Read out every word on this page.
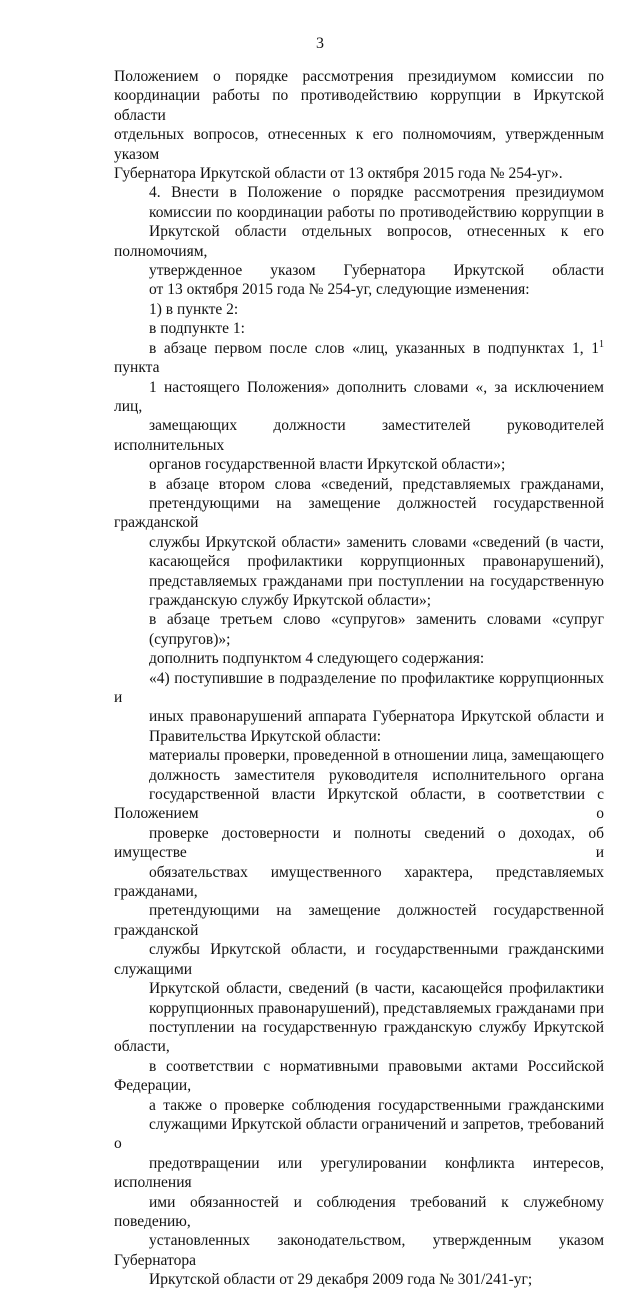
3

Положением о порядке рассмотрения президиумом комиссии по
координации работы по противодействию коррупции в Иркутской области
отдельных вопросов, отнесенных к его полномочиям, утвержденным указом
Губернатора Иркутской области от 13 октября 2015 года № 254-уг».

4. Внести в Положение о порядке рассмотрения президиумом
комиссии по координации работы по противодействию коррупции в
Иркутской области отдельных вопросов, отнесенных к его полномочиям,
утвержденное указом Губернатора Иркутской области
от 13 октября 2015 года № 254-уг, следующие изменения:

1) в пункте 2:

в подпункте 1:

в абзаце первом после слов «лиц, указанных в подпунктах 1, $1^1$ пункта
1 настоящего Положения» дополнить словами «, за исключением лиц,
замещающих должности заместителей руководителей исполнительных
органов государственной власти Иркутской области»;

в абзаце втором слова «сведений, представляемых гражданами,
претендующими на замещение должностей государственной гражданской
службы Иркутской области» заменить словами «сведений (в части,
касающейся профилактики коррупционных правонарушений),
представляемых гражданами при поступлении на государственную
гражданскую службу Иркутской области»;

в абзаце третьем слово «супругов» заменить словами «супруг
(супругов)»;

дополнить подпунктом 4 следующего содержания:

«4) поступившие в подразделение по профилактике коррупционных и
иных правонарушений аппарата Губернатора Иркутской области и
Правительства Иркутской области:

материалы проверки, проведенной в отношении лица, замещающего
должность заместителя руководителя исполнительного органа
государственной власти Иркутской области, в соответствии с Положением о
проверке достоверности и полноты сведений о доходах, об имуществе и
обязательствах имущественного характера, представляемых гражданами,
претендующими на замещение должностей государственной гражданской
службы Иркутской области, и государственными гражданскими служащими
Иркутской области, сведений (в части, касающейся профилактики
коррупционных правонарушений), представляемых гражданами при
поступлении на государственную гражданскую службу Иркутской области,
в соответствии с нормативными правовыми актами Российской Федерации,
а также о проверке соблюдения государственными гражданскими
служащими Иркутской области ограничений и запретов, требований о
предотвращении или урегулировании конфликта интересов, исполнения
ими обязанностей и соблюдения требований к служебному поведению,
установленных законодательством, утвержденным указом Губернатора
Иркутской области от 29 декабря 2009 года № 301/241-уг;
